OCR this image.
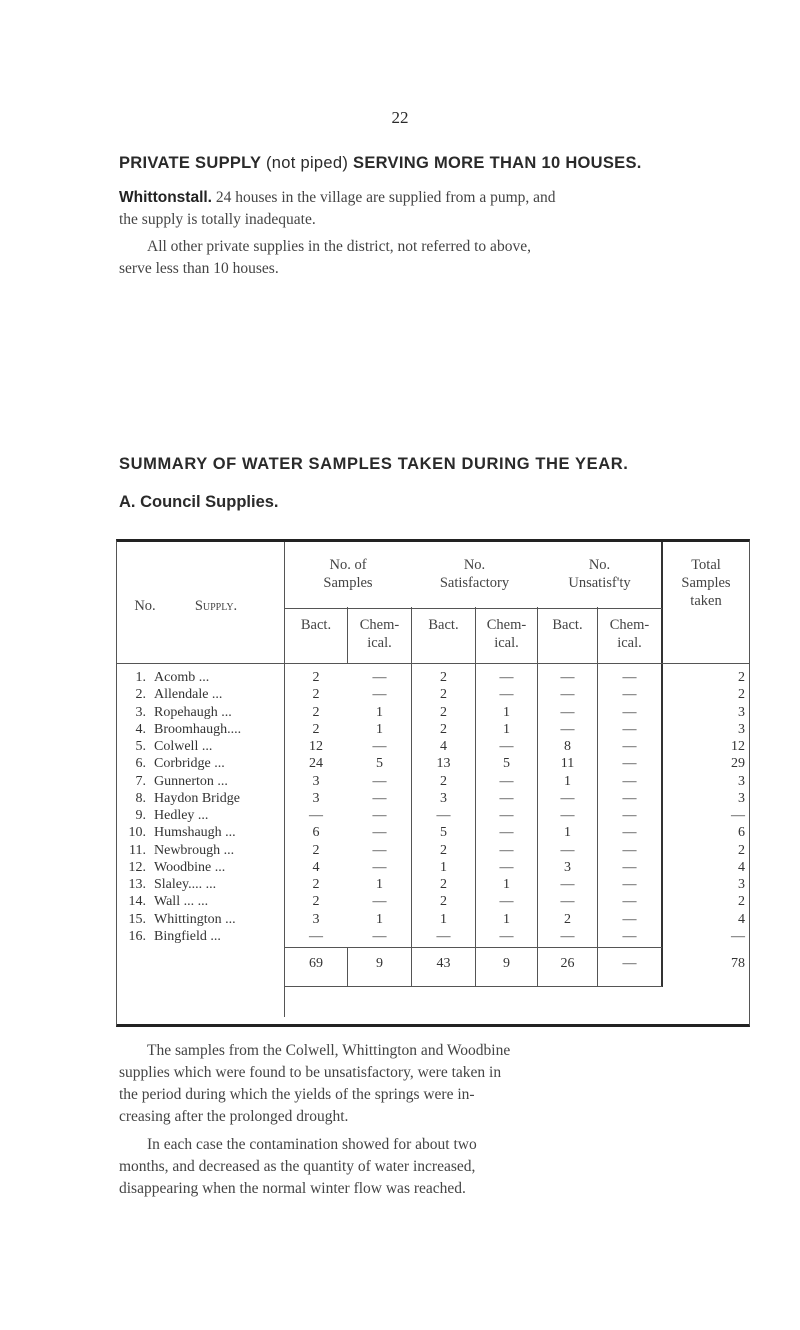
22
PRIVATE SUPPLY (not piped) SERVING MORE THAN 10 HOUSES.
Whittonstall. 24 houses in the village are supplied from a pump, and
the supply is totally inadequate.
All other private supplies in the district, not referred to above,
serve less than 10 houses.
SUMMARY OF WATER SAMPLES TAKEN DURING THE YEAR.
A. Council Supplies.
No.	Supply.
No. of
Samples
No.
Satisfactory
No.
Unsatisf'ty
Total
Samples
taken
Bact.	Chem-
ical.
Bact.	Chem-
ical.
Bact.	Chem-
ical.
1. Acomb ...	2	—	2	—	—	—	2
2. Allendale ...	2	—	2	—	—	—	2
3. Ropehaugh ...	2	1	2	1	—	—	3
4. Broomhaugh....	2	1	2	1	—	—	3
5. Colwell ...	12	—	4	—	8	—	12
6. Corbridge ...	24	5	13	5	11	—	29
7. Gunnerton ...	3	—	2	—	1	—	3
8. Haydon Bridge	3	—	3	—	—	—	3
9. Hedley ...	—	—	—	—	—	—	—
10. Humshaugh ...	6	—	5	—	1	—	6
11. Newbrough ...	2	—	2	—	—	—	2
12. Woodbine ...	4	—	1	—	3	—	4
13. Slaley.... ...	2	1	2	1	—	—	3
14. Wall ... ...	2	—	2	—	—	—	2
15. Whittington ...	3	1	1	1	2	—	4
16. Bingfield ...	—	—	—	—	—	—	—
69	9	43	9	26	—	78
The samples from the Colwell, Whittington and Woodbine
supplies which were found to be unsatisfactory, were taken in
the period during which the yields of the springs were in-
creasing after the prolonged drought.
In each case the contamination showed for about two
months, and decreased as the quantity of water increased,
disappearing when the normal winter flow was reached.
